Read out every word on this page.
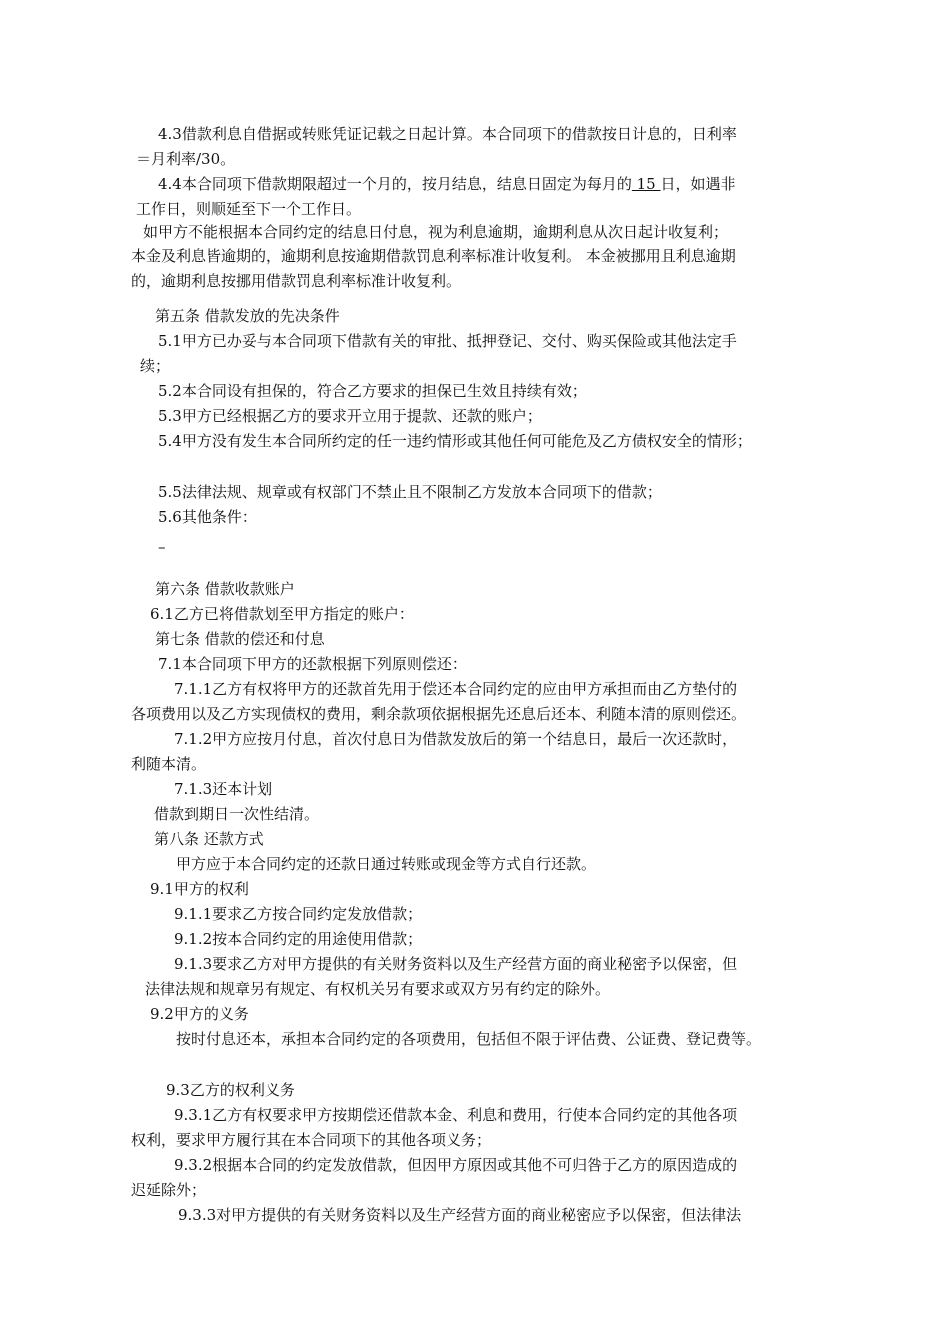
4.3借款利息自借据或转账凭证记载之日起计算。本合同项下的借款按日计息的，日利率
＝月利率/30。
4.4本合同项下借款期限超过一个月的，按月结息，结息日固定为每月的 15 日，如遇非
工作日，则顺延至下一个工作日。
如甲方不能根据本合同约定的结息日付息，视为利息逾期，逾期利息从次日起计收复利；
本金及利息皆逾期的，逾期利息按逾期借款罚息利率标准计收复利。 本金被挪用且利息逾期
的，逾期利息按挪用借款罚息利率标准计收复利。
第五条 借款发放的先决条件
5.1甲方已办妥与本合同项下借款有关的审批、抵押登记、交付、购买保险或其他法定手
续；
5.2本合同设有担保的，符合乙方要求的担保已生效且持续有效；
5.3甲方已经根据乙方的要求开立用于提款、还款的账户；
5.4甲方没有发生本合同所约定的任一违约情形或其他任何可能危及乙方债权安全的情形；
5.5法律法规、规章或有权部门不禁止且不限制乙方发放本合同项下的借款；
5.6其他条件：
–
第六条 借款收款账户
6.1乙方已将借款划至甲方指定的账户：
第七条 借款的偿还和付息
7.1本合同项下甲方的还款根据下列原则偿还：
7.1.1乙方有权将甲方的还款首先用于偿还本合同约定的应由甲方承担而由乙方垫付的
各项费用以及乙方实现债权的费用，剩余款项依据根据先还息后还本、利随本清的原则偿还。
7.1.2甲方应按月付息，首次付息日为借款发放后的第一个结息日，最后一次还款时，
利随本清。
7.1.3还本计划
借款到期日一次性结清。
第八条 还款方式
甲方应于本合同约定的还款日通过转账或现金等方式自行还款。
9.1甲方的权利
9.1.1要求乙方按合同约定发放借款；
9.1.2按本合同约定的用途使用借款；
9.1.3要求乙方对甲方提供的有关财务资料以及生产经营方面的商业秘密予以保密，但
法律法规和规章另有规定、有权机关另有要求或双方另有约定的除外。
9.2甲方的义务
按时付息还本，承担本合同约定的各项费用，包括但不限于评估费、公证费、登记费等。
9.3乙方的权利义务
9.3.1乙方有权要求甲方按期偿还借款本金、利息和费用，行使本合同约定的其他各项
权利，要求甲方履行其在本合同项下的其他各项义务；
9.3.2根据本合同的约定发放借款，但因甲方原因或其他不可归咎于乙方的原因造成的
迟延除外；
9.3.3对甲方提供的有关财务资料以及生产经营方面的商业秘密应予以保密，但法律法
